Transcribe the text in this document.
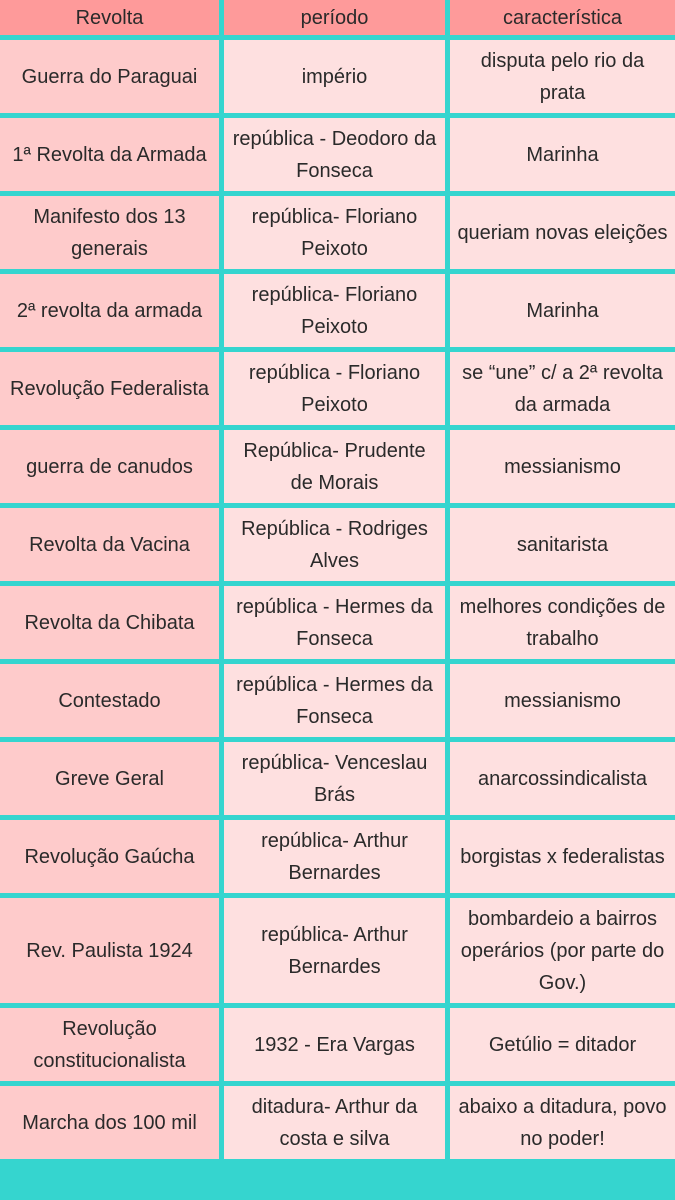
Revolta	período	característica
Guerra do Paraguai	império	disputa pelo rio da prata
1ª Revolta da Armada	república - Deodoro da Fonseca	Marinha
Manifesto dos 13 generais	república- Floriano Peixoto	queriam novas eleições
2ª revolta da armada	república- Floriano Peixoto	Marinha
Revolução Federalista	república - Floriano Peixoto	se “une” c/ a 2ª revolta da armada
guerra de canudos	República- Prudente de Morais	messianismo
Revolta da Vacina	República - Rodriges Alves	sanitarista
Revolta da Chibata	república - Hermes da Fonseca	melhores condições de trabalho
Contestado	república - Hermes da Fonseca	messianismo
Greve Geral	república- Venceslau Brás	anarcossindicalista
Revolução Gaúcha	república- Arthur Bernardes	borgistas x federalistas
Rev. Paulista 1924	república- Arthur Bernardes	bombardeio a bairros operários (por parte do Gov.)
Revolução constitucionalista	1932 - Era Vargas	Getúlio = ditador
Marcha dos 100 mil	ditadura- Arthur da costa e silva	abaixo a ditadura, povo no poder!
